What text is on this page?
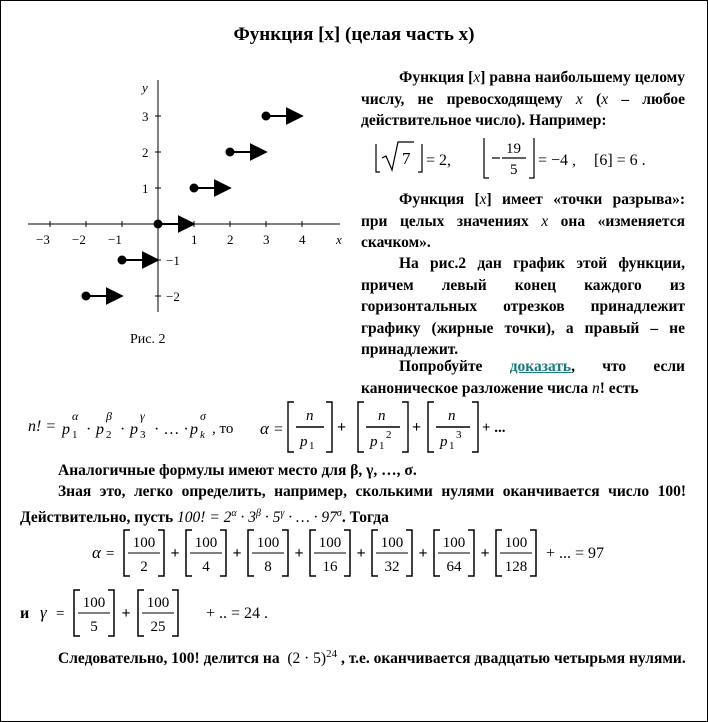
Функция [x] (целая часть x)
y
x
−3 −2 −1	1 2 3 4
1
2
3
−1
−2
Рис. 2
Функция [x] равна наибольшему целому числу, не превосходящему x (x – любое действительное число). Например:
7 = 2,
19
5
= −4 , [6] = 6 .
Функция [x] имеет «точки разрыва»: при целых значениях x она «изменяется скачком».
На рис.2 дан график этой функции, причем левый конец каждого из горизонтальных отрезков принадлежит графику (жирные точки), а правый – не принадлежит.
Попробуйте доказать, что если каноническое разложение числа n! есть
n! = p 1
α
· p 2
β
· p 3
γ
· … · p k
σ
, то α =	+	+
n
p 1
n
p 1
2
n
p 1
3 + ...
Аналогичные формулы имеют место для β, γ, …, σ.
Зная это, легко определить, например, сколькими нулями оканчивается число 100! Действительно, пусть 100! = $2^\alpha \cdot 3^\beta \cdot 5^\gamma$ · … · $97^\sigma$. Тогда
α =
100
2
+
100
4
+
100
8
+
100
16
+
100
32
+
100
64
+
100
128
+ ... = 97
и γ =
100
5
+
100
25
+ .. = 24 .
Следовательно, 100! делится на $(2 \cdot 5)^{24}$ , т.е. оканчивается двадцатью четырьмя нулями.
